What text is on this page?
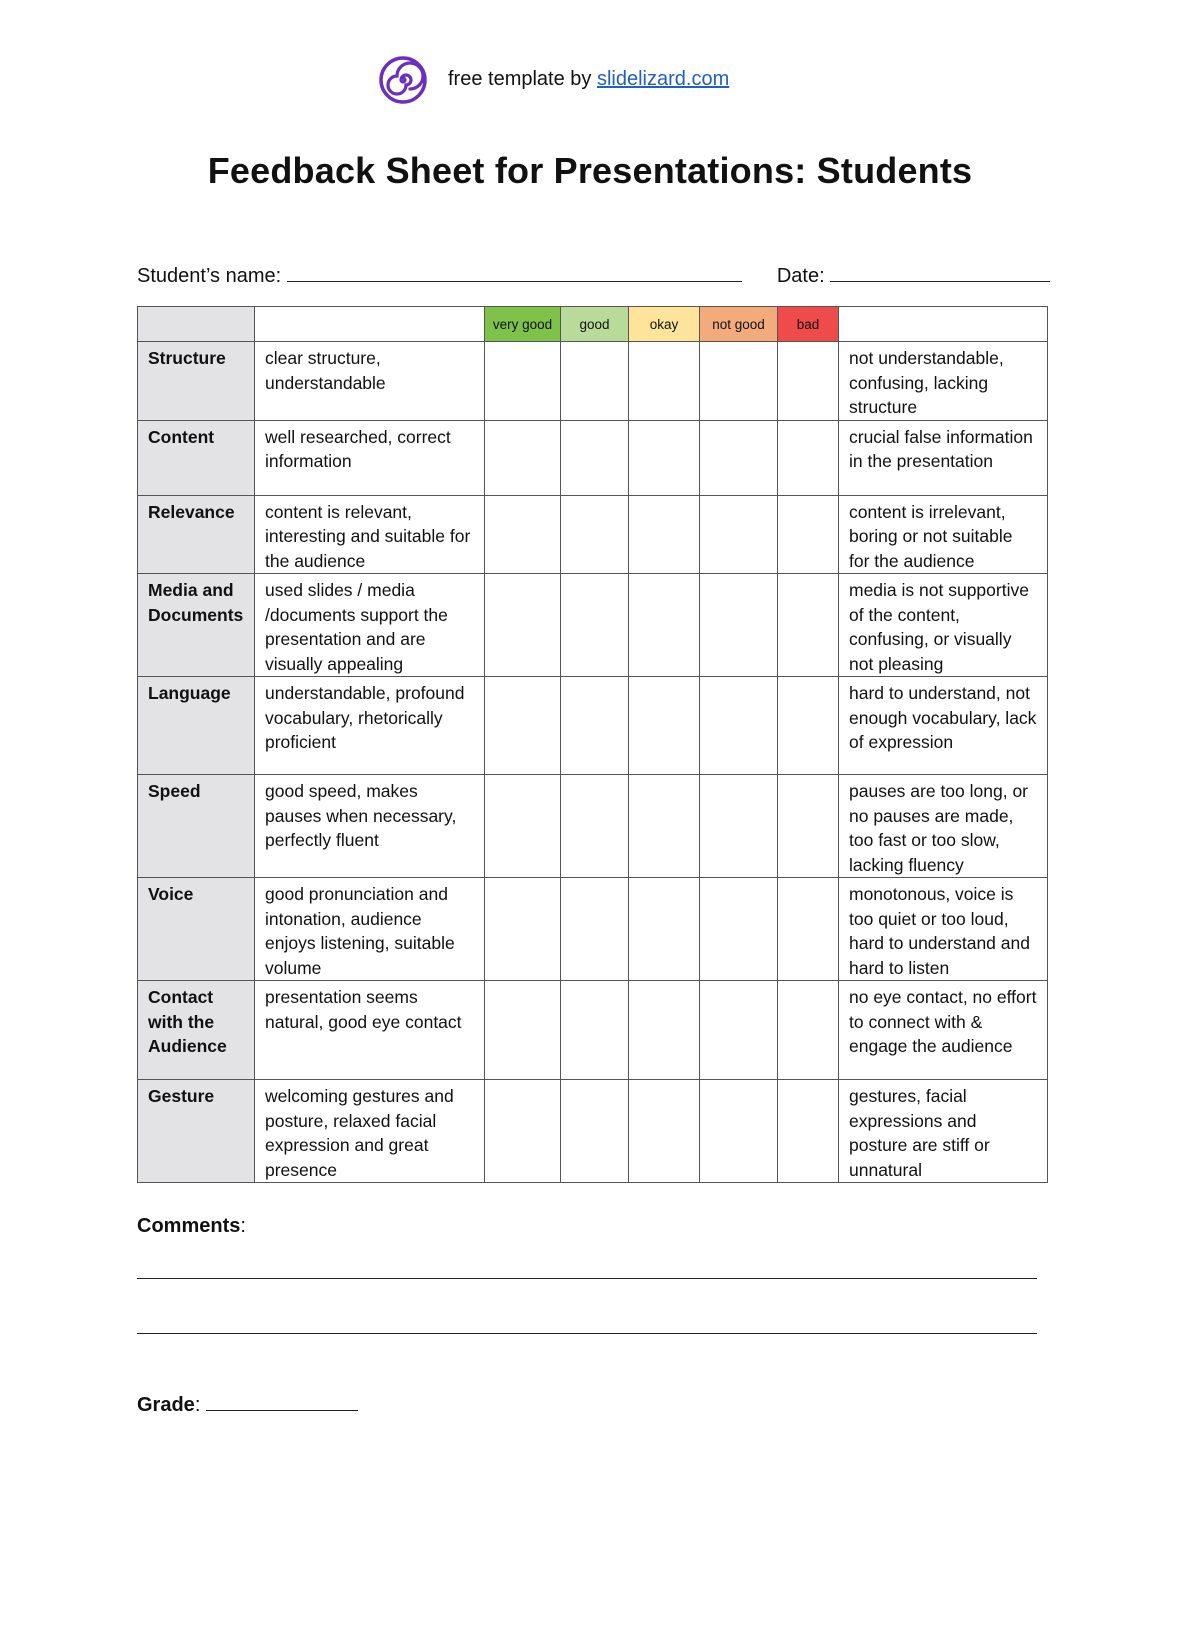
free template by slidelizard.com
Feedback Sheet for Presentations: Students
Student’s name:	Date:
		very good	good	okay	not good	bad	
Structure	clear structure, understandable						not understandable, confusing, lacking structure
Content	well researched, correct information						crucial false information in the presentation
Relevance	content is relevant, interesting and suitable for the audience						content is irrelevant, boring or not suitable for the audience
Media and Documents	used slides / media /documents support the presentation and are visually appealing						media is not supportive of the content, confusing, or visually not pleasing
Language	understandable, profound vocabulary, rhetorically proficient						hard to understand, not enough vocabulary, lack of expression
Speed	good speed, makes pauses when necessary, perfectly fluent						pauses are too long, or no pauses are made, too fast or too slow, lacking fluency
Voice	good pronunciation and intonation, audience enjoys listening, suitable volume						monotonous, voice is too quiet or too loud, hard to understand and hard to listen
Contact with the Audience	presentation seems natural, good eye contact						no eye contact, no effort to connect with & engage the audience
Gesture	welcoming gestures and posture, relaxed facial expression and great presence						gestures, facial expressions and posture are stiff or unnatural
Comments:
Grade:
